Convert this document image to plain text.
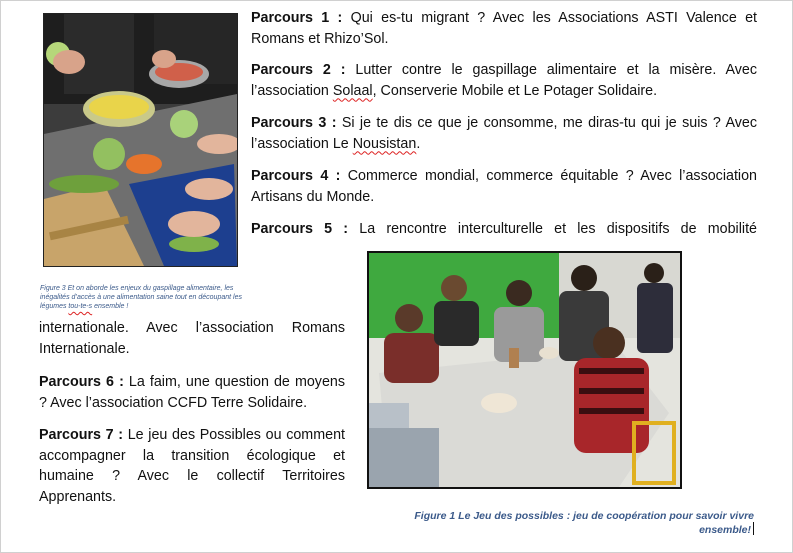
Figure 3 Et on aborde les enjeux du gaspillage alimentaire, les inégalités d’accès à une alimentation saine tout en découpant les légumes tou-te-s ensemble !

Figure 1 Le Jeu des possibles : jeu de coopération pour savoir vivre ensemble!

Parcours 1 : Qui es-tu migrant ? Avec les Associations ASTI Valence et Romans et Rhizo’Sol.

Parcours 2 : Lutter contre le gaspillage alimentaire et la misère. Avec l’association Solaal, Conserverie Mobile et Le Potager Solidaire.

Parcours 3 : Si je te dis ce que je consomme, me diras-tu qui je suis ? Avec l’association Le Nousistan.

Parcours 4 : Commerce mondial, commerce équitable ? Avec l’association Artisans du Monde.

Parcours 5 : La rencontre interculturelle et les dispositifs de mobilité

internationale. Avec l’association Romans Internationale.

Parcours 6 : La faim, une question de moyens ? Avec l’association CCFD Terre Solidaire.

Parcours 7 : Le jeu des Possibles ou comment accompagner la transition écologique et humaine ? Avec le collectif Territoires Apprenants.
